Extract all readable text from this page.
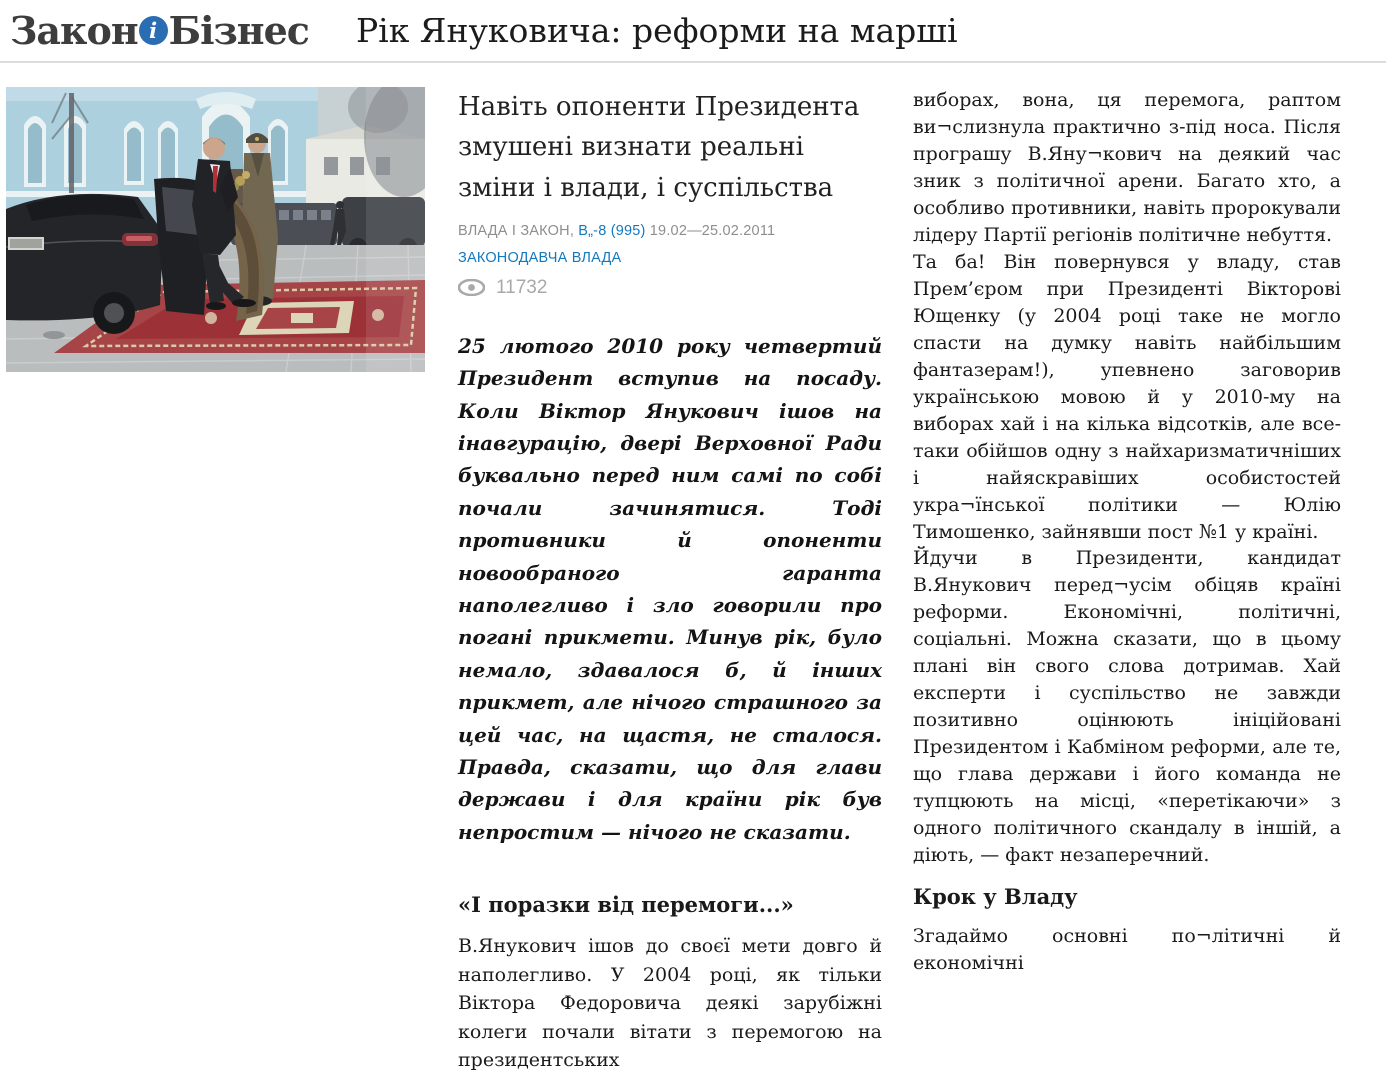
Закон і Бізнес Рік Януковича: реформи на марші
Навіть опоненти Президента змушені визнати реальні зміни і влади, і суспільства
ВЛАДА І ЗАКОН, В„-8 (995) 19.02—25.02.2011
ЗАКОНОДАВЧА ВЛАДА
11732

25 лютого 2010 року четвертий Президент вступив на посаду. Коли Віктор Янукович ішов на інавгурацію, двері Верховної Ради буквально перед ним самі по собі почали зачинятися. Тоді противники й опоненти новообраного гаранта наполегливо і зло говорили про погані прикмети. Минув рік, було немало, здавалося б, й інших прикмет, але нічого страшного за цей час, на щастя, не сталося. Правда, сказати, що для глави держави і для країни рік був непростим — нічого не сказати.

«І поразки від перемоги...»

В.Янукович ішов до своєї мети довго й наполегливо. У 2004 році, як тільки Віктора Федоровича деякі зарубіжні колеги почали вітати з перемогою на президентських

виборах, вона, ця перемога, раптом ви¬слизнула практично з-під носа. Після програшу В.Яну¬кович на деякий час зник з політичної арени. Багато хто, а особливо противники, навіть пророкували лідеру Партії регіонів політичне небуття.

Та ба! Він повернувся у владу, став Прем’єром при Президенті Вікторові Ющенку (у 2004 році таке не могло спасти на думку навіть найбільшим фантазерам!), упевнено заговорив українською мовою й у 2010-му на виборах хай і на кілька відсотків, але все-таки обійшов одну з найхаризматичніших і найяскравіших особистостей укра¬їнської політики — Юлію Тимошенко, зайнявши пост №1 у країні.

Йдучи в Президенти, кандидат В.Янукович перед¬усім обіцяв країні реформи. Економічні, політичні, соціальні. Можна сказати, що в цьому плані він свого слова дотримав. Хай експерти і суспільство не завжди позитивно оцінюють ініційовані Президентом і Кабміном реформи, але те, що глава держави і його команда не тупцюють на місці, «перетікаючи» з одного політичного скандалу в іншій, а діють, — факт незаперечний.

Крок у Владу

Згадаймо основні по¬літичні й економічні
